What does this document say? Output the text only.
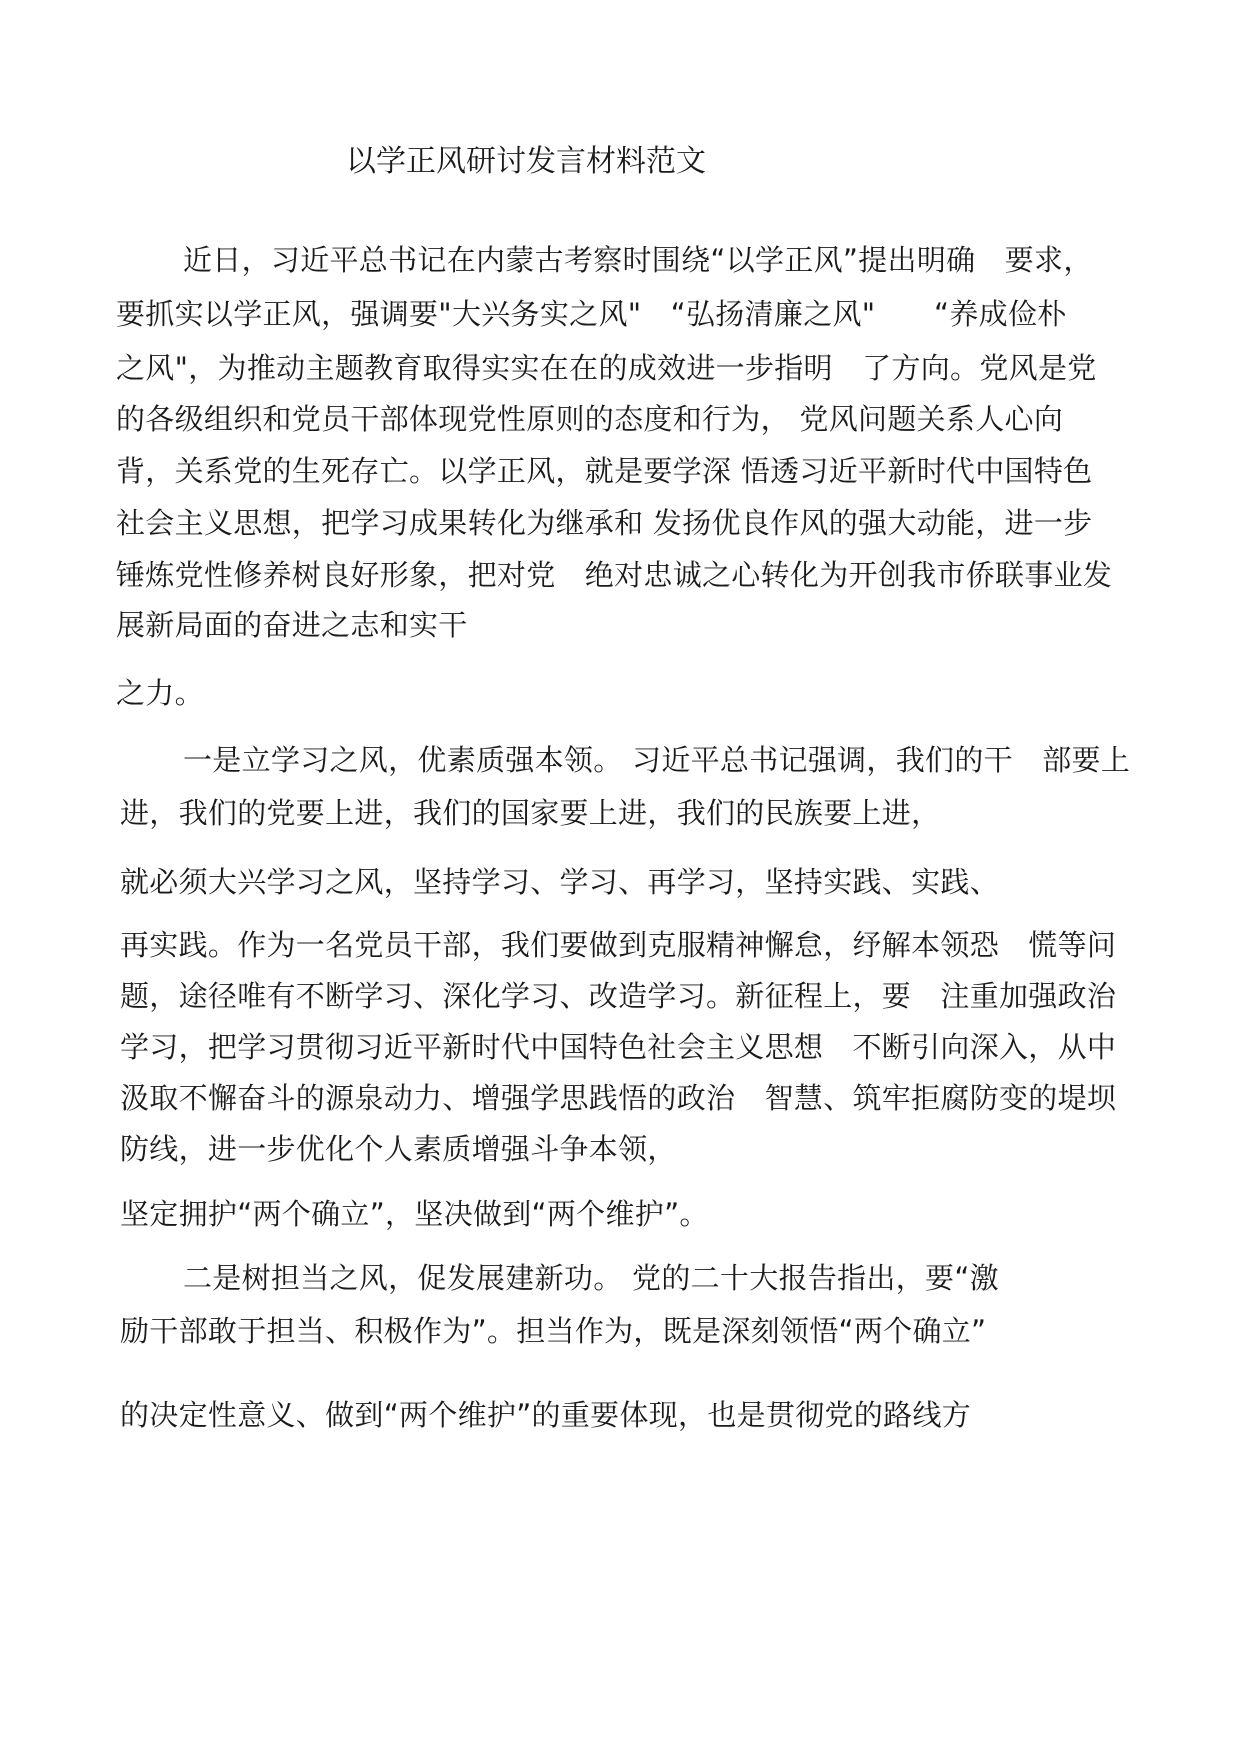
以学正风研讨发言材料范文
近日，习近平总书记在内蒙古考察时围绕“以学正风”提出明确　要求，
要抓实以学正风，强调要"大兴务实之风"　“弘扬清廉之风"　　“养成俭朴
之风"，为推动主题教育取得实实在在的成效进一步指明　了方向。党风是党
的各级组织和党员干部体现党性原则的态度和行为， 党风问题关系人心向
背，关系党的生死存亡。以学正风，就是要学深 悟透习近平新时代中国特色
社会主义思想，把学习成果转化为继承和 发扬优良作风的强大动能，进一步
锤炼党性修养树良好形象，把对党　绝对忠诚之心转化为开创我市侨联事业发
展新局面的奋进之志和实干
之力。
一是立学习之风，优素质强本领。 习近平总书记强调，我们的干　部要上
进，我们的党要上进，我们的国家要上进，我们的民族要上进，
就必须大兴学习之风，坚持学习、学习、再学习，坚持实践、实践、
再实践。作为一名党员干部，我们要做到克服精神懈怠，纾解本领恐　慌等问
题，途径唯有不断学习、深化学习、改造学习。新征程上，要　注重加强政治
学习，把学习贯彻习近平新时代中国特色社会主义思想　不断引向深入，从中
汲取不懈奋斗的源泉动力、增强学思践悟的政治　智慧、筑牢拒腐防变的堤坝
防线，进一步优化个人素质增强斗争本领，
坚定拥护“两个确立”，坚决做到“两个维护”。
二是树担当之风，促发展建新功。 党的二十大报告指出，要“激
励干部敢于担当、积极作为”。担当作为，既是深刻领悟“两个确立”
的决定性意义、做到“两个维护”的重要体现，也是贯彻党的路线方
